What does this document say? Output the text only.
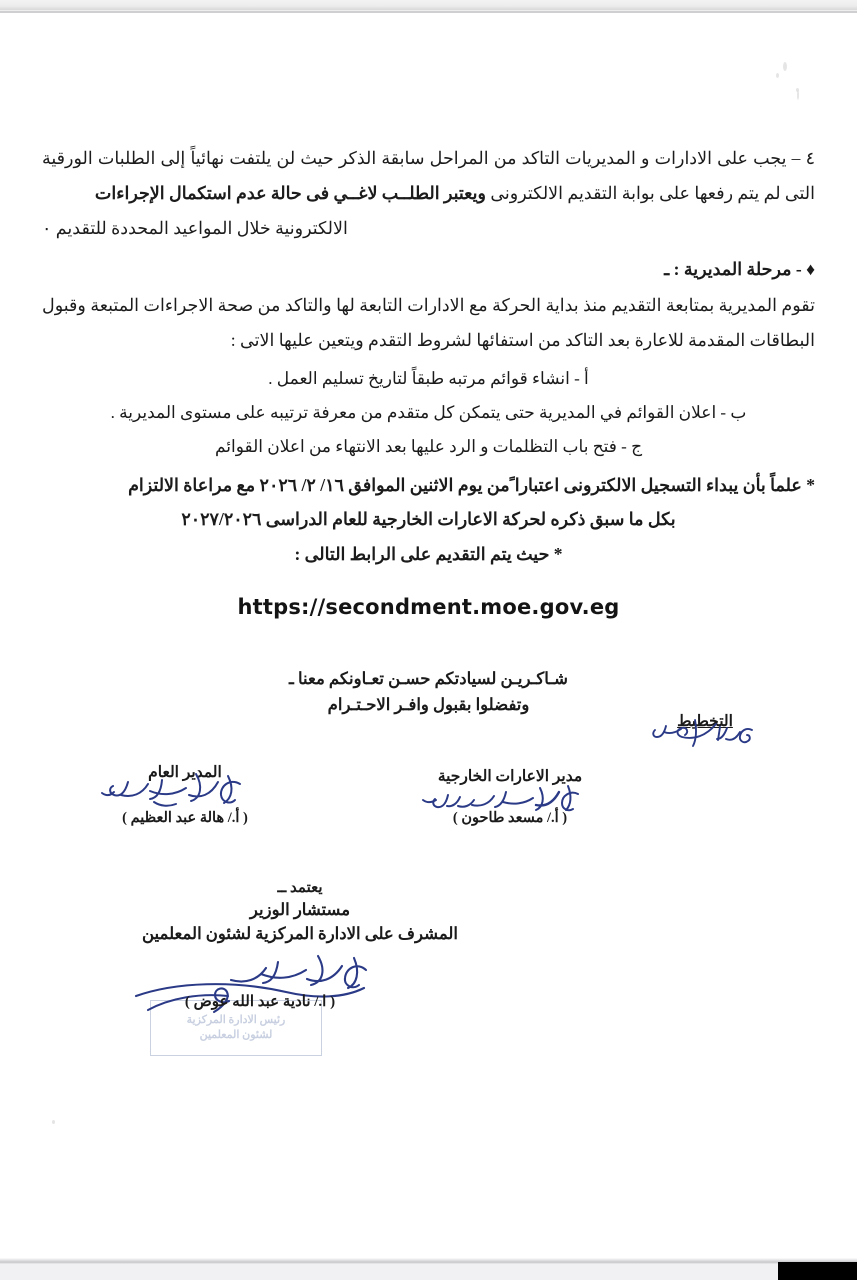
٤ – يجب على الادارات و المديريات التاكد من المراحل سابقة الذكر حيث لن يلتفت نهائياً إلى الطلبات الورقية التى لم يتم رفعها على بوابة التقديم الالكترونى ويعتبر الطلــب لاغــي فى حالة عدم استكمال الإجراءات

الالكترونية خلال المواعيد المحددة للتقديم ٠

♦ - مرحلة المديرية : ـ

تقوم المديرية بمتابعة التقديم منذ بداية الحركة مع الادارات التابعة لها والتاكد من صحة الاجراءات المتبعة وقبول البطاقات المقدمة للاعارة بعد التاكد من استفائها لشروط التقدم ويتعين عليها الاتى :

أ - انشاء قوائم مرتبه طبقاً لتاريخ تسليم العمل .

ب - اعلان القوائم في المديرية حتى يتمكن كل متقدم من معرفة ترتيبه على مستوى المديرية .

ج - فتح باب التظلمات و الرد عليها بعد الانتهاء من اعلان القوائم

* علماً بأن يبداء التسجيل الالكترونى اعتبارا ًمن يوم الاثنين الموافق ١٦/ ٢/ ٢٠٢٦ مع مراعاة الالتزام

بكل ما سبق ذكره لحركة الاعارات الخارجية للعام الدراسى ٢٠٢٧/٢٠٢٦

* حيث يتم التقديم على الرابط التالى :

https://secondment.moe.gov.eg

شـاكـريـن لسيادتكم حسـن تعـاونكم معنا ـ

وتفضلوا بقبول وافـر الاحـتـرام

التخطيط
مدير الاعارات الخارجية
( أ./ مسعد طاحون )
المدير العام
( أ./ هالة عبد العظيم )
يعتمد ــ
مستشار الوزير
المشرف على الادارة المركزية لشئون المعلمين
رئيس الادارة المركزية
لشئون المعلمين
( ا./ نادية عبد الله عوض )
